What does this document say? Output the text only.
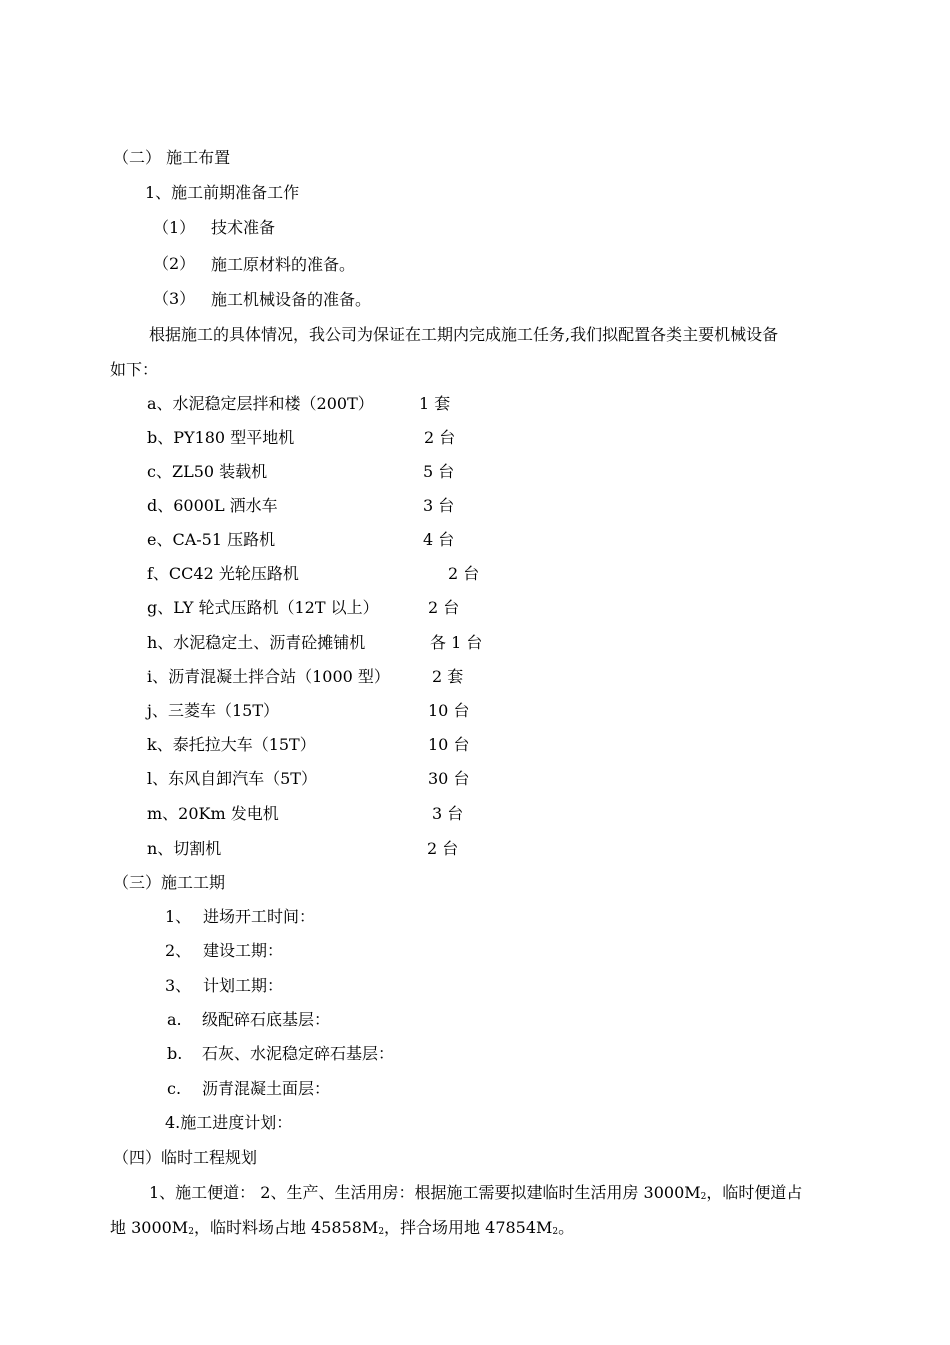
（二） 施工布置
1、施工前期准备工作
（1） 技术准备
（2） 施工原材料的准备。
（3） 施工机械设备的准备。
根据施工的具体情况，我公司为保证在工期内完成施工任务,我们拟配置各类主要机械设备
如下：
a、水泥稳定层拌和楼（200T）	1 套
b、PY180 型平地机	2 台
c、ZL50 装载机	5 台
d、6000L 洒水车	3 台
e、CA-51 压路机	4 台
f、CC42 光轮压路机	2 台
g、LY 轮式压路机（12T 以上）	2 台
h、水泥稳定土、沥青砼摊铺机	各 1 台
i、沥青混凝土拌合站（1000 型）	2 套
j、三菱车（15T）	10 台
k、泰托拉大车（15T）	10 台
l、东风自卸汽车（5T）	30 台
m、20Km 发电机	3 台
n、切割机	2 台
（三）施工工期
1、 进场开工时间：
2、 建设工期：
3、 计划工期：
a. 级配碎石底基层：
b. 石灰、水泥稳定碎石基层：
c. 沥青混凝土面层：
4.施工进度计划：
（四）临时工程规划
1、施工便道： 2、生产、生活用房：根据施工需要拟建临时生活用房 $3000M_2$，临时便道占
地 $3000M_2$，临时料场占地 $45858M_2$，拌合场用地 $47854M_2$。
